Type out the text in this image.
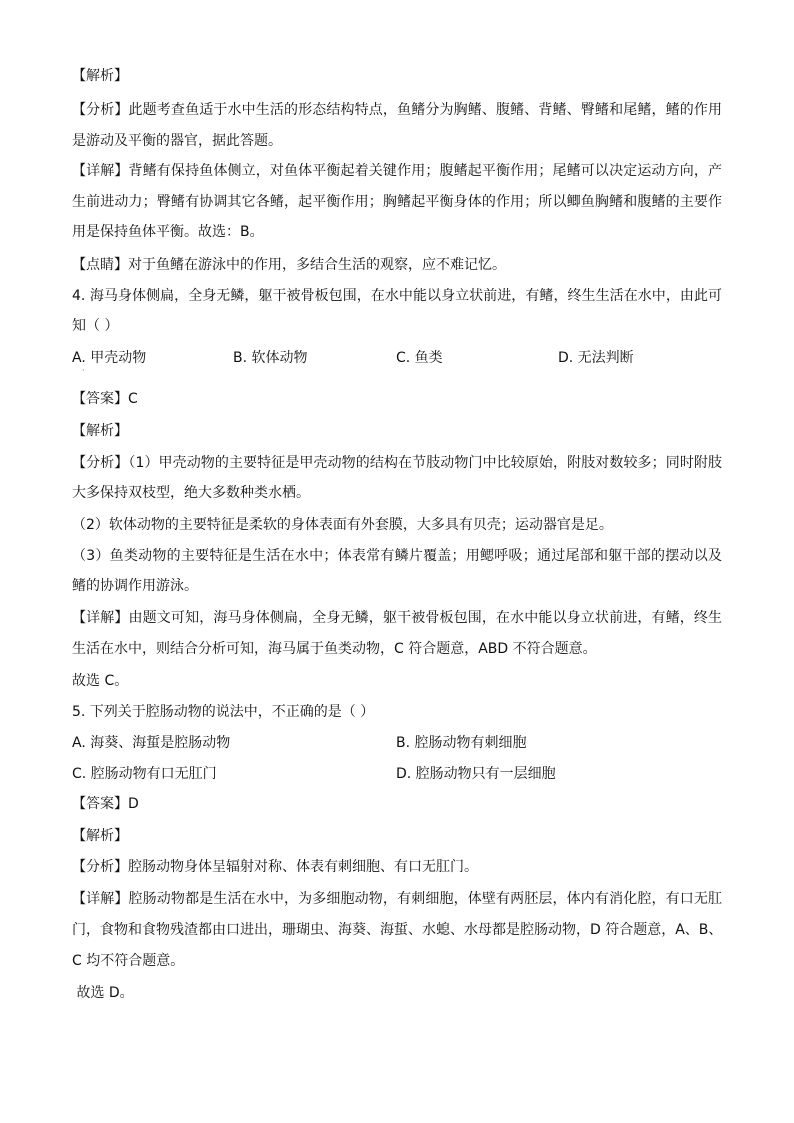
【解析】
【分析】此题考查鱼适于水中生活的形态结构特点，鱼鳍分为胸鳍、腹鳍、背鳍、臀鳍和尾鳍，鳍的作用
是游动及平衡的器官，据此答题。
【详解】背鳍有保持鱼体侧立，对鱼体平衡起着关键作用；腹鳍起平衡作用；尾鳍可以决定运动方向，产
生前进动力；臀鳍有协调其它各鳍，起平衡作用；胸鳍起平衡身体的作用；所以鲫鱼胸鳍和腹鳍的主要作
用是保持鱼体平衡。故选：B。
【点睛】对于鱼鳍在游泳中的作用，多结合生活的观察，应不难记忆。
4. 海马身体侧扁，全身无鳞，躯干被骨板包围，在水中能以身立状前进，有鳍，终生生活在水中，由此可
知（ ）
A. 甲壳动物	B. 软体动物	C. 鱼类	D. 无法判断
·
【答案】C
【解析】
【分析】（1）甲壳动物的主要特征是甲壳动物的结构在节肢动物门中比较原始，附肢对数较多；同时附肢
大多保持双枝型，绝大多数种类水栖。
（2）软体动物的主要特征是柔软的身体表面有外套膜，大多具有贝壳；运动器官是足。
（3）鱼类动物的主要特征是生活在水中；体表常有鳞片覆盖；用鳃呼吸；通过尾部和躯干部的摆动以及
鳍的协调作用游泳。
【详解】由题文可知，海马身体侧扁，全身无鳞，躯干被骨板包围，在水中能以身立状前进，有鳍，终生
生活在水中，则结合分析可知，海马属于鱼类动物，C 符合题意，ABD 不符合题意。
故选 C。
5. 下列关于腔肠动物的说法中，不正确的是（ ）
A. 海葵、海蜇是腔肠动物	B. 腔肠动物有刺细胞
C. 腔肠动物有口无肛门	D. 腔肠动物只有一层细胞
【答案】D
【解析】
【分析】腔肠动物身体呈辐射对称、体表有刺细胞、有口无肛门。
【详解】腔肠动物都是生活在水中，为多细胞动物，有刺细胞，体壁有两胚层，体内有消化腔，有口无肛
门，食物和食物残渣都由口进出，珊瑚虫、海葵、海蜇、水螅、水母都是腔肠动物，D 符合题意，A、B、
C 均不符合题意。
故选 D。
